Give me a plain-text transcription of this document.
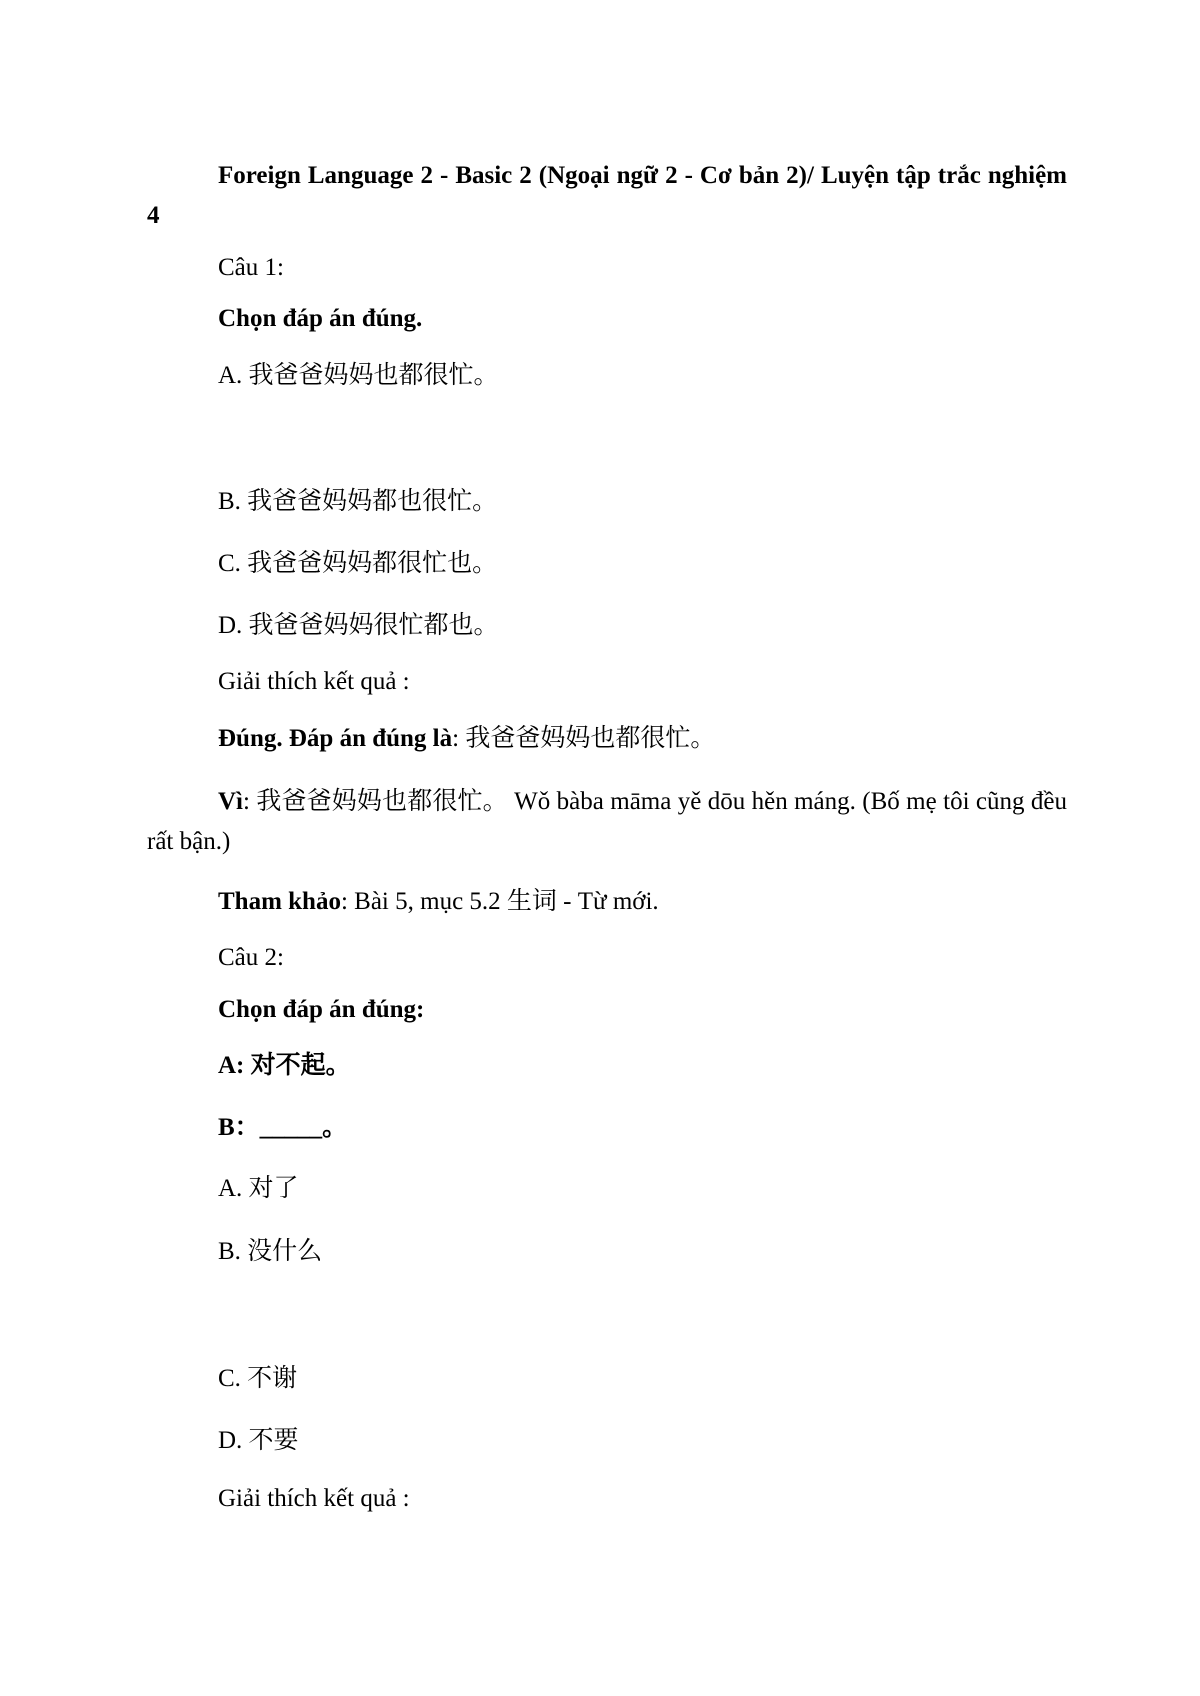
Foreign Language 2 - Basic 2 (Ngoại ngữ 2 - Cơ bản 2)/ Luyện tập trắc nghiệm 4
Câu 1:
Chọn đáp án đúng.
A. 我爸爸妈妈也都很忙。
B. 我爸爸妈妈都也很忙。
C. 我爸爸妈妈都很忙也。
D. 我爸爸妈妈很忙都也。
Giải thích kết quả :
Đúng. Đáp án đúng là: 我爸爸妈妈也都很忙。
Vì: 我爸爸妈妈也都很忙。 Wǒ bàba māma yě dōu hěn máng. (Bố mẹ tôi cũng đều rất bận.)
Tham khảo: Bài 5, mục 5.2 生词 - Từ mới.
Câu 2:
Chọn đáp án đúng:
A: 对不起。
B：_____。
A. 对了
B. 没什么
C. 不谢
D. 不要
Giải thích kết quả :
